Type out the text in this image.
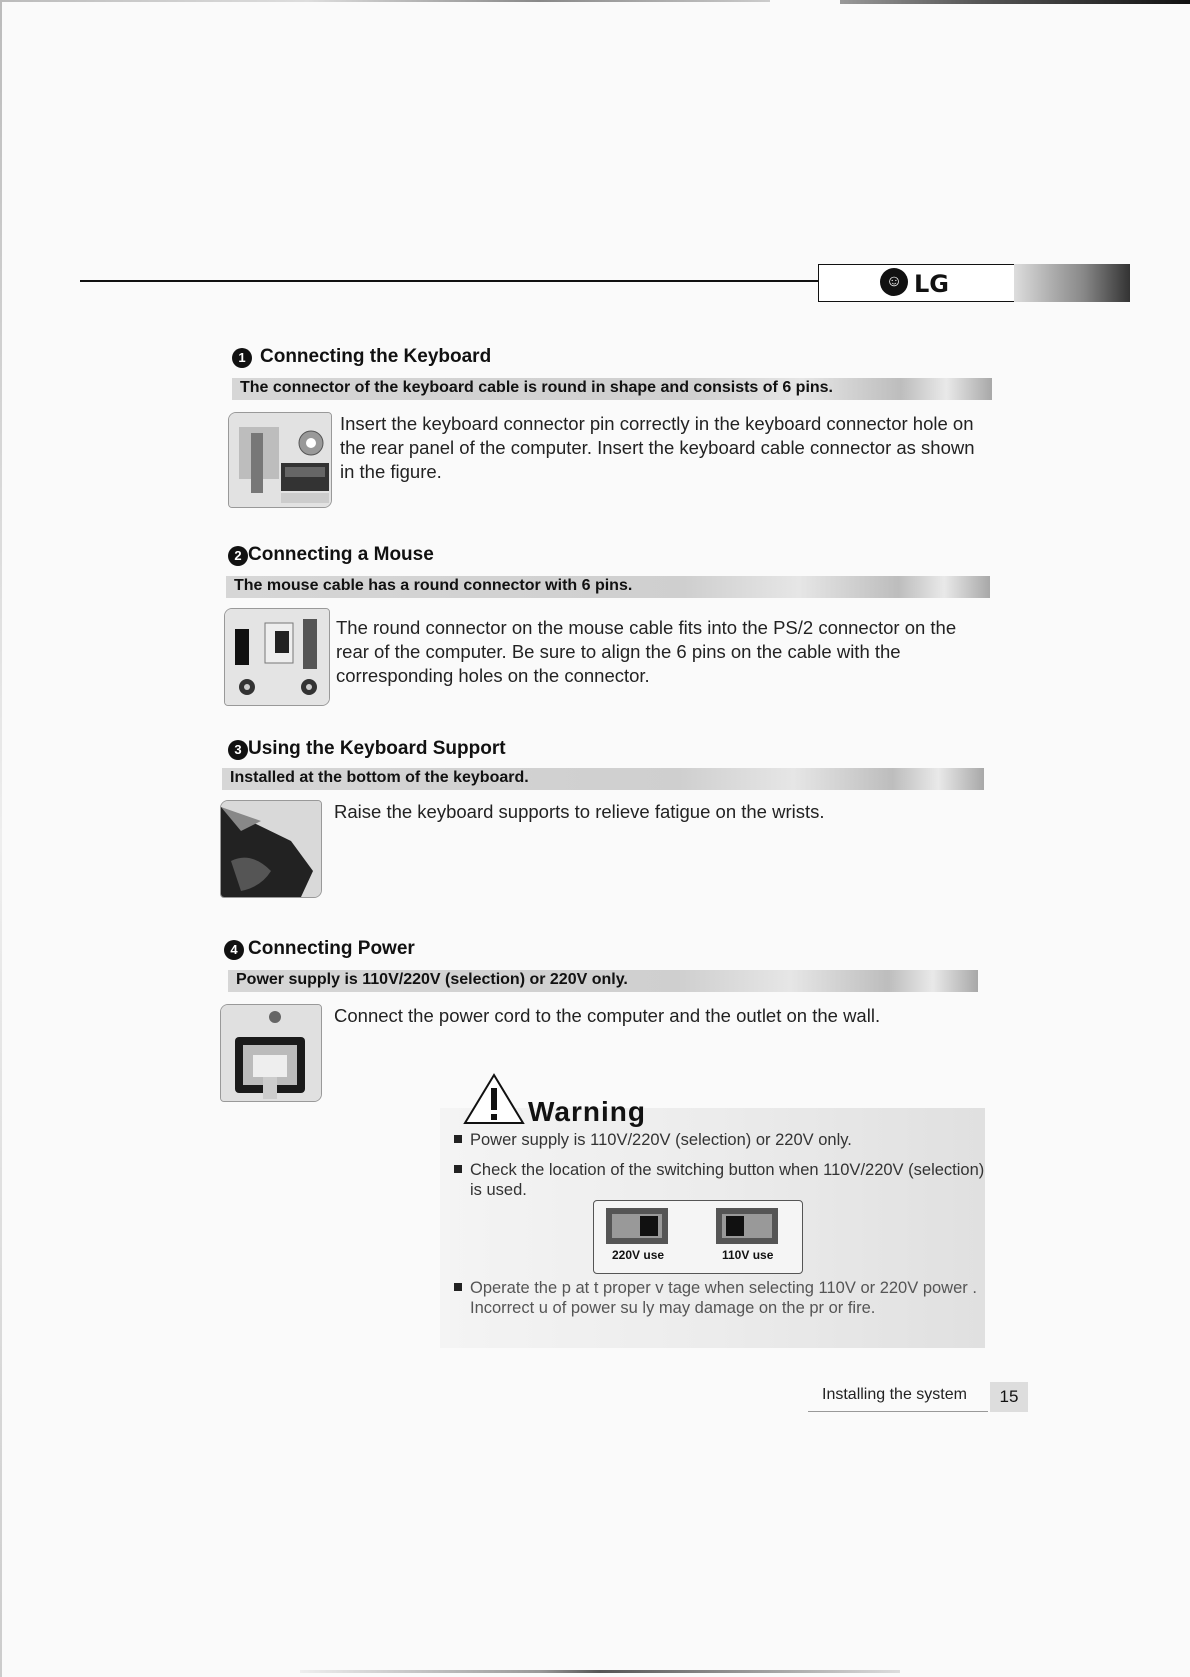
☺ LG
1 Connecting the Keyboard
The connector of the keyboard cable is round in shape and consists of 6 pins.
Insert the keyboard connector pin correctly in the keyboard connector hole on the rear panel of the computer. Insert the keyboard cable connector as shown in the figure.
2 Connecting a Mouse
The mouse cable has a round connector with 6 pins.
The round connector on the mouse cable fits into the PS/2 connector on the rear of the computer. Be sure to align the 6 pins on the cable with the corresponding holes on the connector.
3 Using the Keyboard Support
Installed at the bottom of the keyboard.
Raise the keyboard supports to relieve fatigue on the wrists.
4 Connecting Power
Power supply is 110V/220V (selection) or 220V only.
Connect the power cord to the computer and the outlet on the wall.
Warning
Power supply is 110V/220V (selection) or 220V only.
Check the location of the switching button when 110V/220V (selection) is used.
220V use	110V use
Operate the p at t proper v tage when selecting 110V or 220V power . Incorrect u of power su ly may damage on the pr or fire.
Installing the system	15
